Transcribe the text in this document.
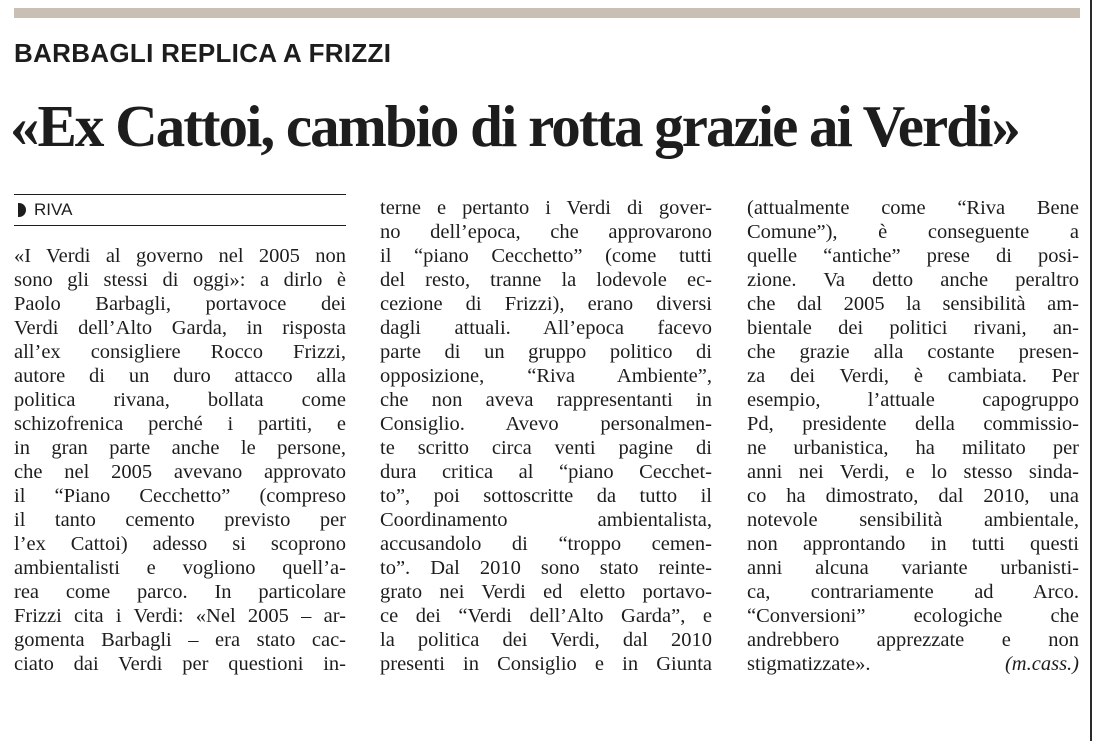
BARBAGLI REPLICA A FRIZZI
«Ex Cattoi, cambio di rotta grazie ai Verdi»
RIVA
«I Verdi al governo nel 2005 non
sono gli stessi di oggi»: a dirlo è
Paolo Barbagli, portavoce dei
Verdi dell’Alto Garda, in risposta
all’ex consigliere Rocco Frizzi,
autore di un duro attacco alla
politica rivana, bollata come
schizofrenica perché i partiti, e
in gran parte anche le persone,
che nel 2005 avevano approvato
il “Piano Cecchetto” (compreso
il tanto cemento previsto per
l’ex Cattoi) adesso si scoprono
ambientalisti e vogliono quell’a-
rea come parco. In particolare
Frizzi cita i Verdi: «Nel 2005 – ar-
gomenta Barbagli – era stato cac-
ciato dai Verdi per questioni in-
terne e pertanto i Verdi di gover-
no dell’epoca, che approvarono
il “piano Cecchetto” (come tutti
del resto, tranne la lodevole ec-
cezione di Frizzi), erano diversi
dagli attuali. All’epoca facevo
parte di un gruppo politico di
opposizione, “Riva Ambiente”,
che non aveva rappresentanti in
Consiglio. Avevo personalmen-
te scritto circa venti pagine di
dura critica al “piano Cecchet-
to”, poi sottoscritte da tutto il
Coordinamento ambientalista,
accusandolo di “troppo cemen-
to”. Dal 2010 sono stato reinte-
grato nei Verdi ed eletto portavo-
ce dei “Verdi dell’Alto Garda”, e
la politica dei Verdi, dal 2010
presenti in Consiglio e in Giunta
(attualmente come “Riva Bene
Comune”), è conseguente a
quelle “antiche” prese di posi-
zione. Va detto anche peraltro
che dal 2005 la sensibilità am-
bientale dei politici rivani, an-
che grazie alla costante presen-
za dei Verdi, è cambiata. Per
esempio, l’attuale capogruppo
Pd, presidente della commissio-
ne urbanistica, ha militato per
anni nei Verdi, e lo stesso sinda-
co ha dimostrato, dal 2010, una
notevole sensibilità ambientale,
non approntando in tutti questi
anni alcuna variante urbanisti-
ca, contrariamente ad Arco.
“Conversioni” ecologiche che
andrebbero apprezzate e non
stigmatizzate».	(m.cass.)
